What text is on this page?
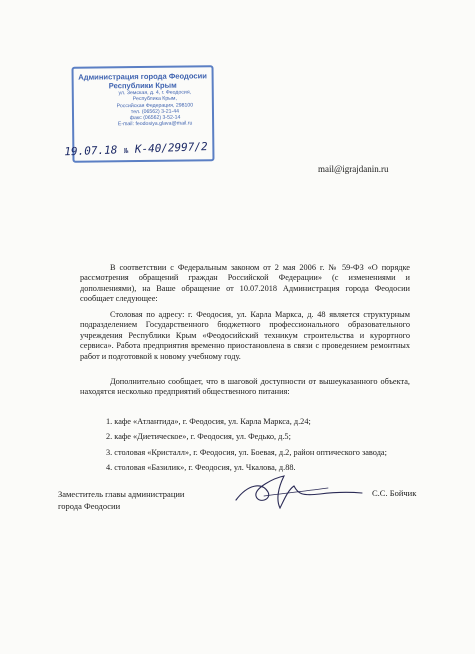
Администрация города Феодосии
Республики Крым
ул. Земская, д. 4, г. Феодосия,
Республика Крым,
Российская Федерация, 298100
тел. (06562) 3-21-44
факс (06562) 3-52-14
E-mail: feodosiya.glava@mail.ru
19.07.18 № К-40/2997/2
mail@igrajdanin.ru
В соответствии с Федеральным законом от 2 мая 2006 г. № 59-ФЗ «О порядке рассмотрения обращений граждан Российской Федерации» (с изменениями и дополнениями), на Ваше обращение от 10.07.2018 Администрация города Феодосии сообщает следующее:
Столовая по адресу: г. Феодосия, ул. Карла Маркса, д. 48 является структурным подразделением Государственного бюджетного профессионального образовательного учреждения Республики Крым «Феодосийский техникум строительства и курортного сервиса». Работа предприятия временно приостановлена в связи с проведением ремонтных работ и подготовкой к новому учебному году.
Дополнительно сообщает, что в шаговой доступности от вышеуказанного объекта, находятся несколько предприятий общественного питания:
1. кафе «Атлантида», г. Феодосия, ул. Карла Маркса, д.24;
2. кафе «Диетическое», г. Феодосия, ул. Федько, д.5;
3. столовая «Кристалл», г. Феодосия, ул. Боевая, д.2, район оптического завода;
4. столовая «Базилик», г. Феодосия, ул. Чкалова, д.88.
Заместитель главы администрации
города Феодосии
С.С. Бойчик
